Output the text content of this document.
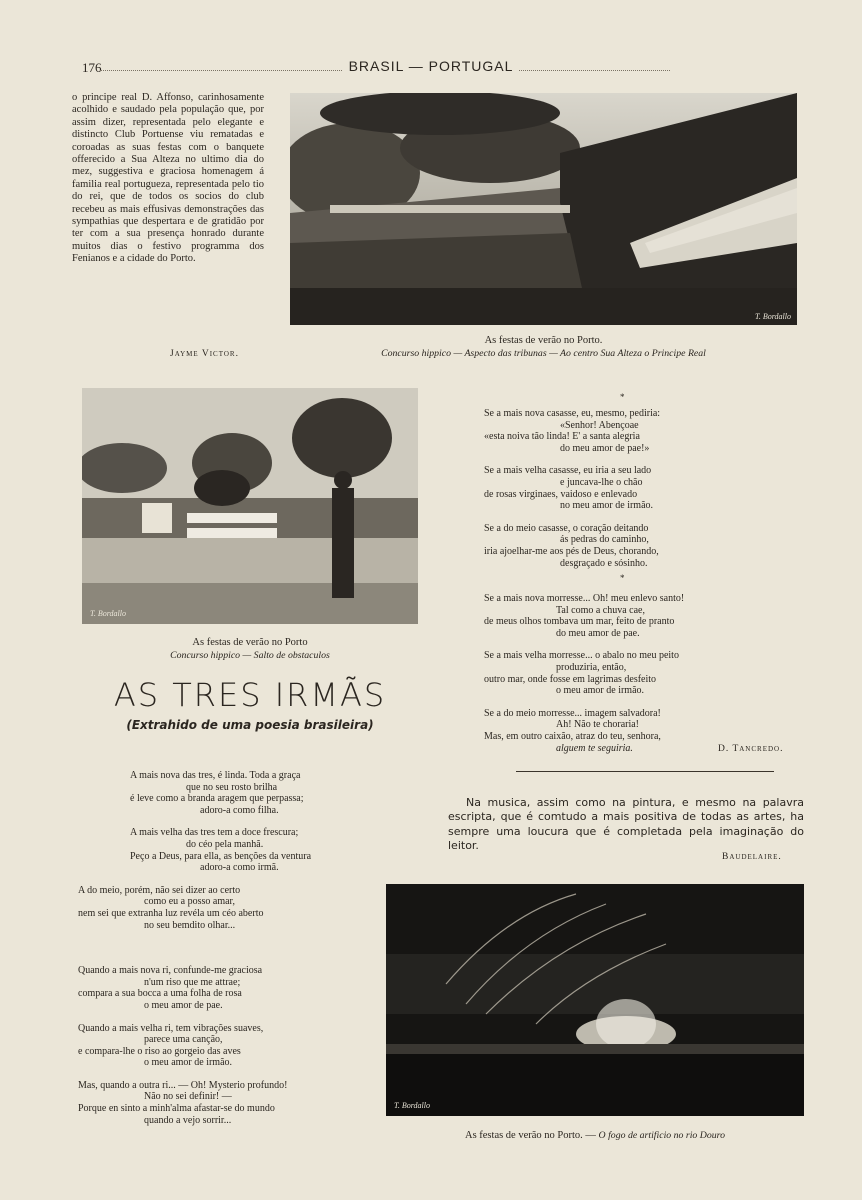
176	BRASIL — PORTUGAL

o principe real D. Affonso, carinhosamente acolhido e saudado pela população que, por assim dizer, representada pelo elegante e distincto Club Portuense viu rematadas e coroadas as suas festas com o banquete offerecido a Sua Alteza no ultimo dia do mez, suggestiva e graciosa homenagem á familia real portugueza, representada pelo tio do rei, que de todos os socios do club recebeu as mais effusivas demonstrações das sympathias que despertara e de gratidão por ter com a sua presença honrado durante muitos dias o festivo programma dos Fenianos e a cidade do Porto.

Jayme Victor.
T. Bordallo
As festas de verão no Porto.
Concurso hippico — Aspecto das tribunas — Ao centro Sua Alteza o Principe Real
T. Bordallo
As festas de verão no Porto
Concurso hippico — Salto de obstaculos
AS TRES IRMÃS
(Extrahido de uma poesia brasileira)
A mais nova das tres, é linda. Toda a graça
que no seu rosto brilha
é leve como a branda aragem que perpassa;
adoro-a como filha.
A mais velha das tres tem a doce frescura;
do céo pela manhã.
Peço a Deus, para ella, as benções da ventura
adoro-a como irmã.
A do meio, porém, não sei dizer ao certo
como eu a posso amar,
nem sei que extranha luz revéla um céo aberto
no seu bemdito olhar...
Quando a mais nova ri, confunde-me graciosa
n'um riso que me attrae;
compara a sua bocca a uma folha de rosa
o meu amor de pae.
Quando a mais velha ri, tem vibrações suaves,
parece uma canção,
e compara-lhe o riso ao gorgeio das aves
o meu amor de irmão.
Mas, quando a outra ri... — Oh! Mysterio profundo!
Não no sei definir! —
Porque en sinto a minh'alma afastar-se do mundo
quando a vejo sorrir...
*
Se a mais nova casasse, eu, mesmo, pediria:
«Senhor! Abençoae
«esta noiva tão linda! E' a santa alegria
do meu amor de pae!»
Se a mais velha casasse, eu iria a seu lado
e juncava-lhe o chão
de rosas virginaes, vaidoso e enlevado
no meu amor de irmão.
Se a do meio casasse, o coração deitando
ás pedras do caminho,
iria ajoelhar-me aos pés de Deus, chorando,
desgraçado e sósinho.
*
Se a mais nova morresse... Oh! meu enlevo santo!
Tal como a chuva cae,
de meus olhos tombava um mar, feito de pranto
do meu amor de pae.
Se a mais velha morresse... o abalo no meu peito
produziria, então,
outro mar, onde fosse em lagrimas desfeito
o meu amor de irmão.
Se a do meio morresse... imagem salvadora!
Ah! Não te choraria!
Mas, em outro caixão, atraz do teu, senhora,
alguem te seguiria.	D. Tancredo.
Na musica, assim como na pintura, e mesmo na palavra escripta, que é comtudo a mais positiva de todas as artes, ha sempre uma loucura que é completada pela imaginação do leitor.
Baudelaire.
T. Bordallo
As festas de verão no Porto. — O fogo de artificio no rio Douro
